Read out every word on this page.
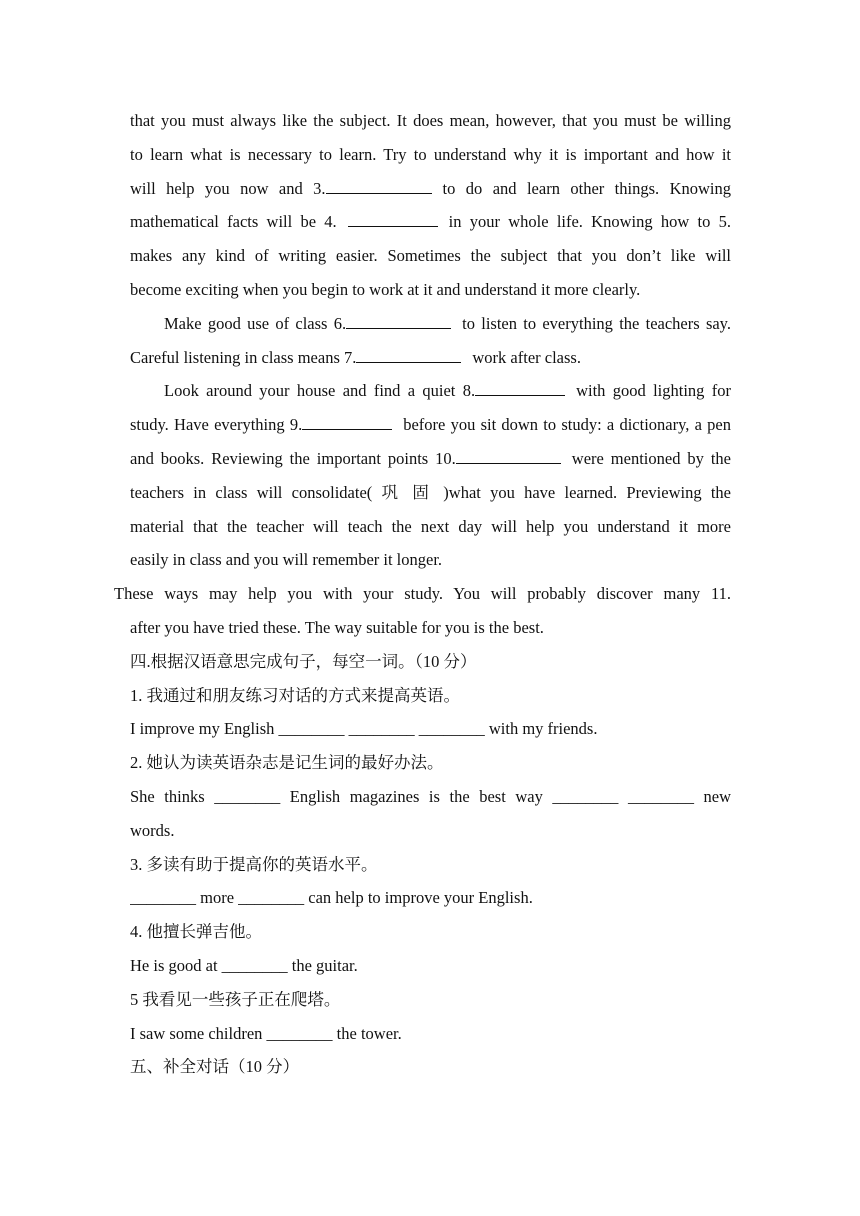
that you must always like the subject. It does mean, however, that you must be willing
to learn what is necessary to learn. Try to understand why it is important and how it
will help you now and 3.	to do and learn other things. Knowing
mathematical facts will be 4.	in your whole life. Knowing how to 5.
makes any kind of writing easier. Sometimes the subject that you don’t like will
become exciting when you begin to work at it and understand it more clearly.
Make good use of class 6.	to listen to everything the teachers say.
Careful listening in class means 7.	work after class.
Look around your house and find a quiet 8.	with good lighting for
study. Have everything 9.	before you sit down to study: a dictionary, a pen
and books. Reviewing the important points 10.	were mentioned by the
teachers in class will consolidate( 巩 固 )what you have learned. Previewing the
material that the teacher will teach the next day will help you understand it more
easily in class and you will remember it longer.
These ways may help you with your study. You will probably discover many 11.
after you have tried these. The way suitable for you is the best.
四.根据汉语意思完成句子，每空一词。（10 分）
1. 我通过和朋友练习对话的方式来提高英语。
I improve my English ________ ________ ________ with my friends.
2. 她认为读英语杂志是记生词的最好办法。
She thinks ________ English magazines is the best way ________ ________ new
words.
3. 多读有助于提高你的英语水平。
________ more ________ can help to improve your English.
4. 他擅长弹吉他。
He is good at ________ the guitar.
5 我看见一些孩子正在爬塔。
I saw some children ________ the tower.
五、补全对话（10 分）
